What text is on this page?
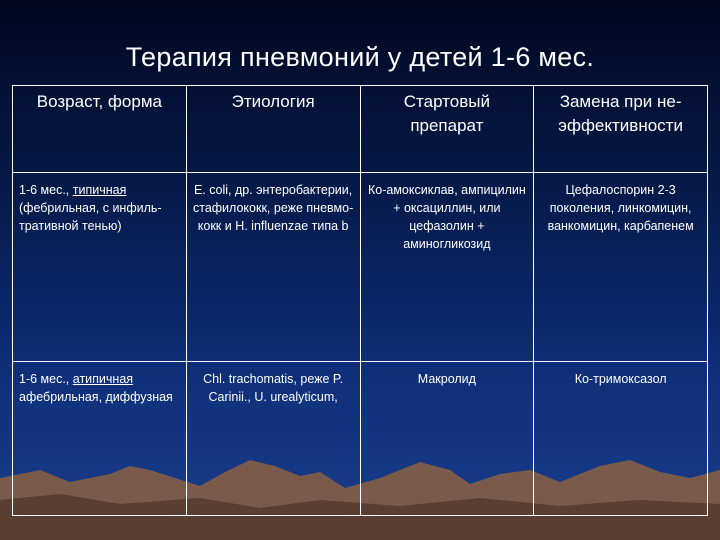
Терапия пневмоний у детей 1-6 мес.
Возраст, форма	Этиология	Стартовый препарат	Замена при не-эффективности

1-6 мес., типичная (фебрильная, с инфиль-тративной тенью)	E. coli, др. энтеробактерии, стафилококк, реже пневмо-кокк и H. influenzae типа b	Ко-амоксиклав, ампицилин + оксациллин, или цефазолин + аминогликозид	Цефалоспорин 2-3 поколения, линкомицин, ванкомицин, карбапенем

1-6 мес., атипичная афебрильная, диффузная	Chl. trachomatis, реже P. Carinii., U. urealyticum,	Макролид	Ко-тримоксазол
